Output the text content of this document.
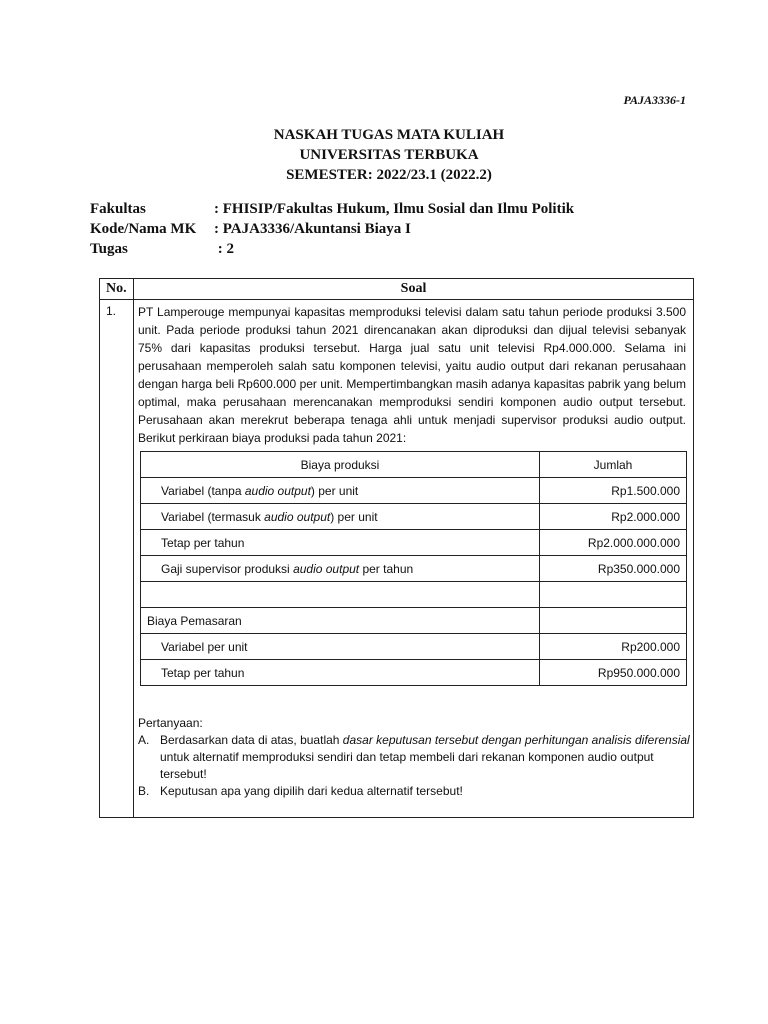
PAJA3336-1
NASKAH TUGAS MATA KULIAH
UNIVERSITAS TERBUKA
SEMESTER: 2022/23.1 (2022.2)
Fakultas	: FHISIP/Fakultas Hukum, Ilmu Sosial dan Ilmu Politik
Kode/Nama MK	: PAJA3336/Akuntansi Biaya I
Tugas	: 2
No.	Soal
1. PT Lamperouge mempunyai kapasitas memproduksi televisi dalam satu tahun periode produksi 3.500 unit. Pada periode produksi tahun 2021 direncanakan akan diproduksi dan dijual televisi sebanyak 75% dari kapasitas produksi tersebut. Harga jual satu unit televisi Rp4.000.000. Selama ini perusahaan memperoleh salah satu komponen televisi, yaitu audio output dari rekanan perusahaan dengan harga beli Rp600.000 per unit. Mempertimbangkan masih adanya kapasitas pabrik yang belum optimal, maka perusahaan merencanakan memproduksi sendiri komponen audio output tersebut. Perusahaan akan merekrut beberapa tenaga ahli untuk menjadi supervisor produksi audio output. Berikut perkiraan biaya produksi pada tahun 2021:
Biaya produksi	Jumlah
Variabel (tanpa audio output) per unit	Rp1.500.000
Variabel (termasuk audio output) per unit	Rp2.000.000
Tetap per tahun	Rp2.000.000.000
Gaji supervisor produksi audio output per tahun	Rp350.000.000

Biaya Pemasaran	
Variabel per unit	Rp200.000
Tetap per tahun	Rp950.000.000
Pertanyaan:
A. Berdasarkan data di atas, buatlah dasar keputusan tersebut dengan perhitungan analisis diferensial untuk alternatif memproduksi sendiri dan tetap membeli dari rekanan komponen audio output tersebut!
B. Keputusan apa yang dipilih dari kedua alternatif tersebut!
